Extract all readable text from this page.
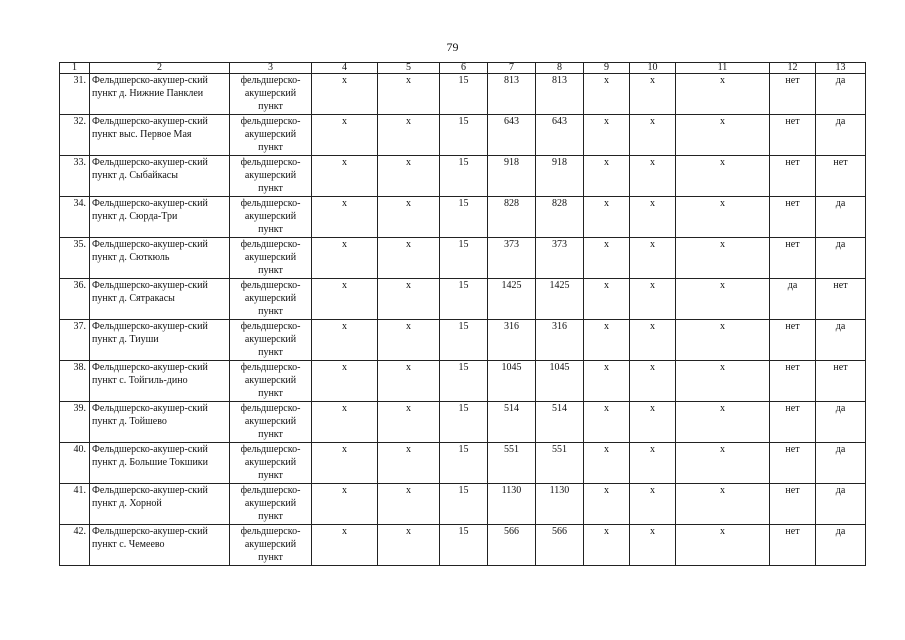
79
1	2	3	4	5	6	7	8	9	10	11	12	13
31.	Фельдшерско-акушер-ский пункт д. Нижние Панклеи	фельдшерско-акушерский пункт	х	х	15	813	813	х	х	х	нет	да
32.	Фельдшерско-акушер-ский пункт выс. Первое Мая	фельдшерско-акушерский пункт	х	х	15	643	643	х	х	х	нет	да
33.	Фельдшерско-акушер-ский пункт д. Сыбайкасы	фельдшерско-акушерский пункт	х	х	15	918	918	х	х	х	нет	нет
34.	Фельдшерско-акушер-ский пункт д. Сюрда-Три	фельдшерско-акушерский пункт	х	х	15	828	828	х	х	х	нет	да
35.	Фельдшерско-акушер-ский пункт д. Сюткюль	фельдшерско-акушерский пункт	х	х	15	373	373	х	х	х	нет	да
36.	Фельдшерско-акушер-ский пункт д. Сятракасы	фельдшерско-акушерский пункт	х	х	15	1425	1425	х	х	х	да	нет
37.	Фельдшерско-акушер-ский пункт д. Тиуши	фельдшерско-акушерский пункт	х	х	15	316	316	х	х	х	нет	да
38.	Фельдшерско-акушер-ский пункт с. Тойгиль-дино	фельдшерско-акушерский пункт	х	х	15	1045	1045	х	х	х	нет	нет
39.	Фельдшерско-акушер-ский пункт д. Тойшево	фельдшерско-акушерский пункт	х	х	15	514	514	х	х	х	нет	да
40.	Фельдшерско-акушер-ский пункт д. Большие Токшики	фельдшерско-акушерский пункт	х	х	15	551	551	х	х	х	нет	да
41.	Фельдшерско-акушер-ский пункт д. Хорной	фельдшерско-акушерский пункт	х	х	15	1130	1130	х	х	х	нет	да
42.	Фельдшерско-акушер-ский пункт с. Чемеево	фельдшерско-акушерский пункт	х	х	15	566	566	х	х	х	нет	да
